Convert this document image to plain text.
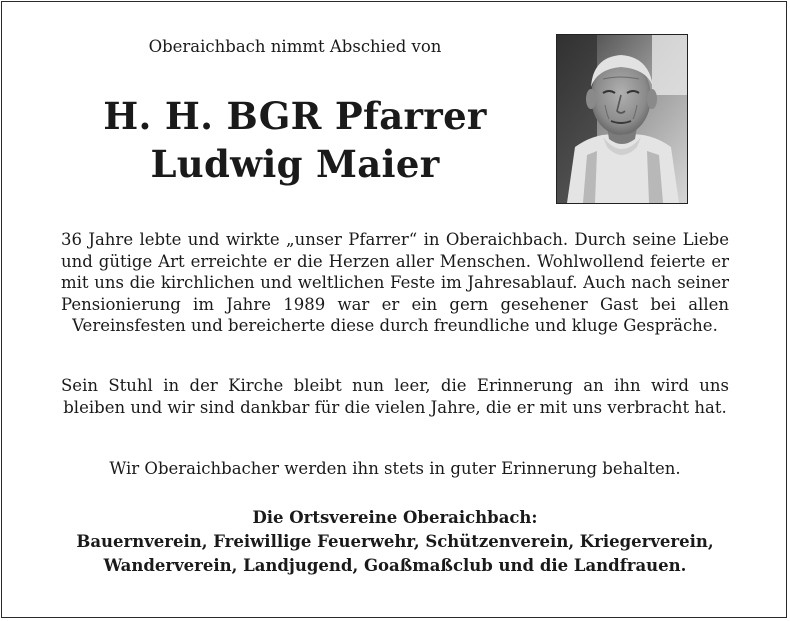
Oberaichbach nimmt Abschied von
H. H. BGR Pfarrer
Ludwig Maier
36 Jahre lebte und wirkte „unser Pfarrer“ in Oberaichbach. Durch seine Liebe und gütige Art erreichte er die Herzen aller Menschen. Wohlwollend feierte er mit uns die kirchlichen und weltlichen Feste im Jahresablauf. Auch nach seiner Pensionierung im Jahre 1989 war er ein gern gesehener Gast bei allen Vereinsfesten und bereicherte diese durch freundliche und kluge Gespräche.
Sein Stuhl in der Kirche bleibt nun leer, die Erinnerung an ihn wird uns bleiben und wir sind dankbar für die vielen Jahre, die er mit uns verbracht hat.
Wir Oberaichbacher werden ihn stets in guter Erinnerung behalten.
Die Ortsvereine Oberaichbach:
Bauernverein, Freiwillige Feuerwehr, Schützenverein, Kriegerverein,
Wanderverein, Landjugend, Goaßmaßclub und die Landfrauen.
